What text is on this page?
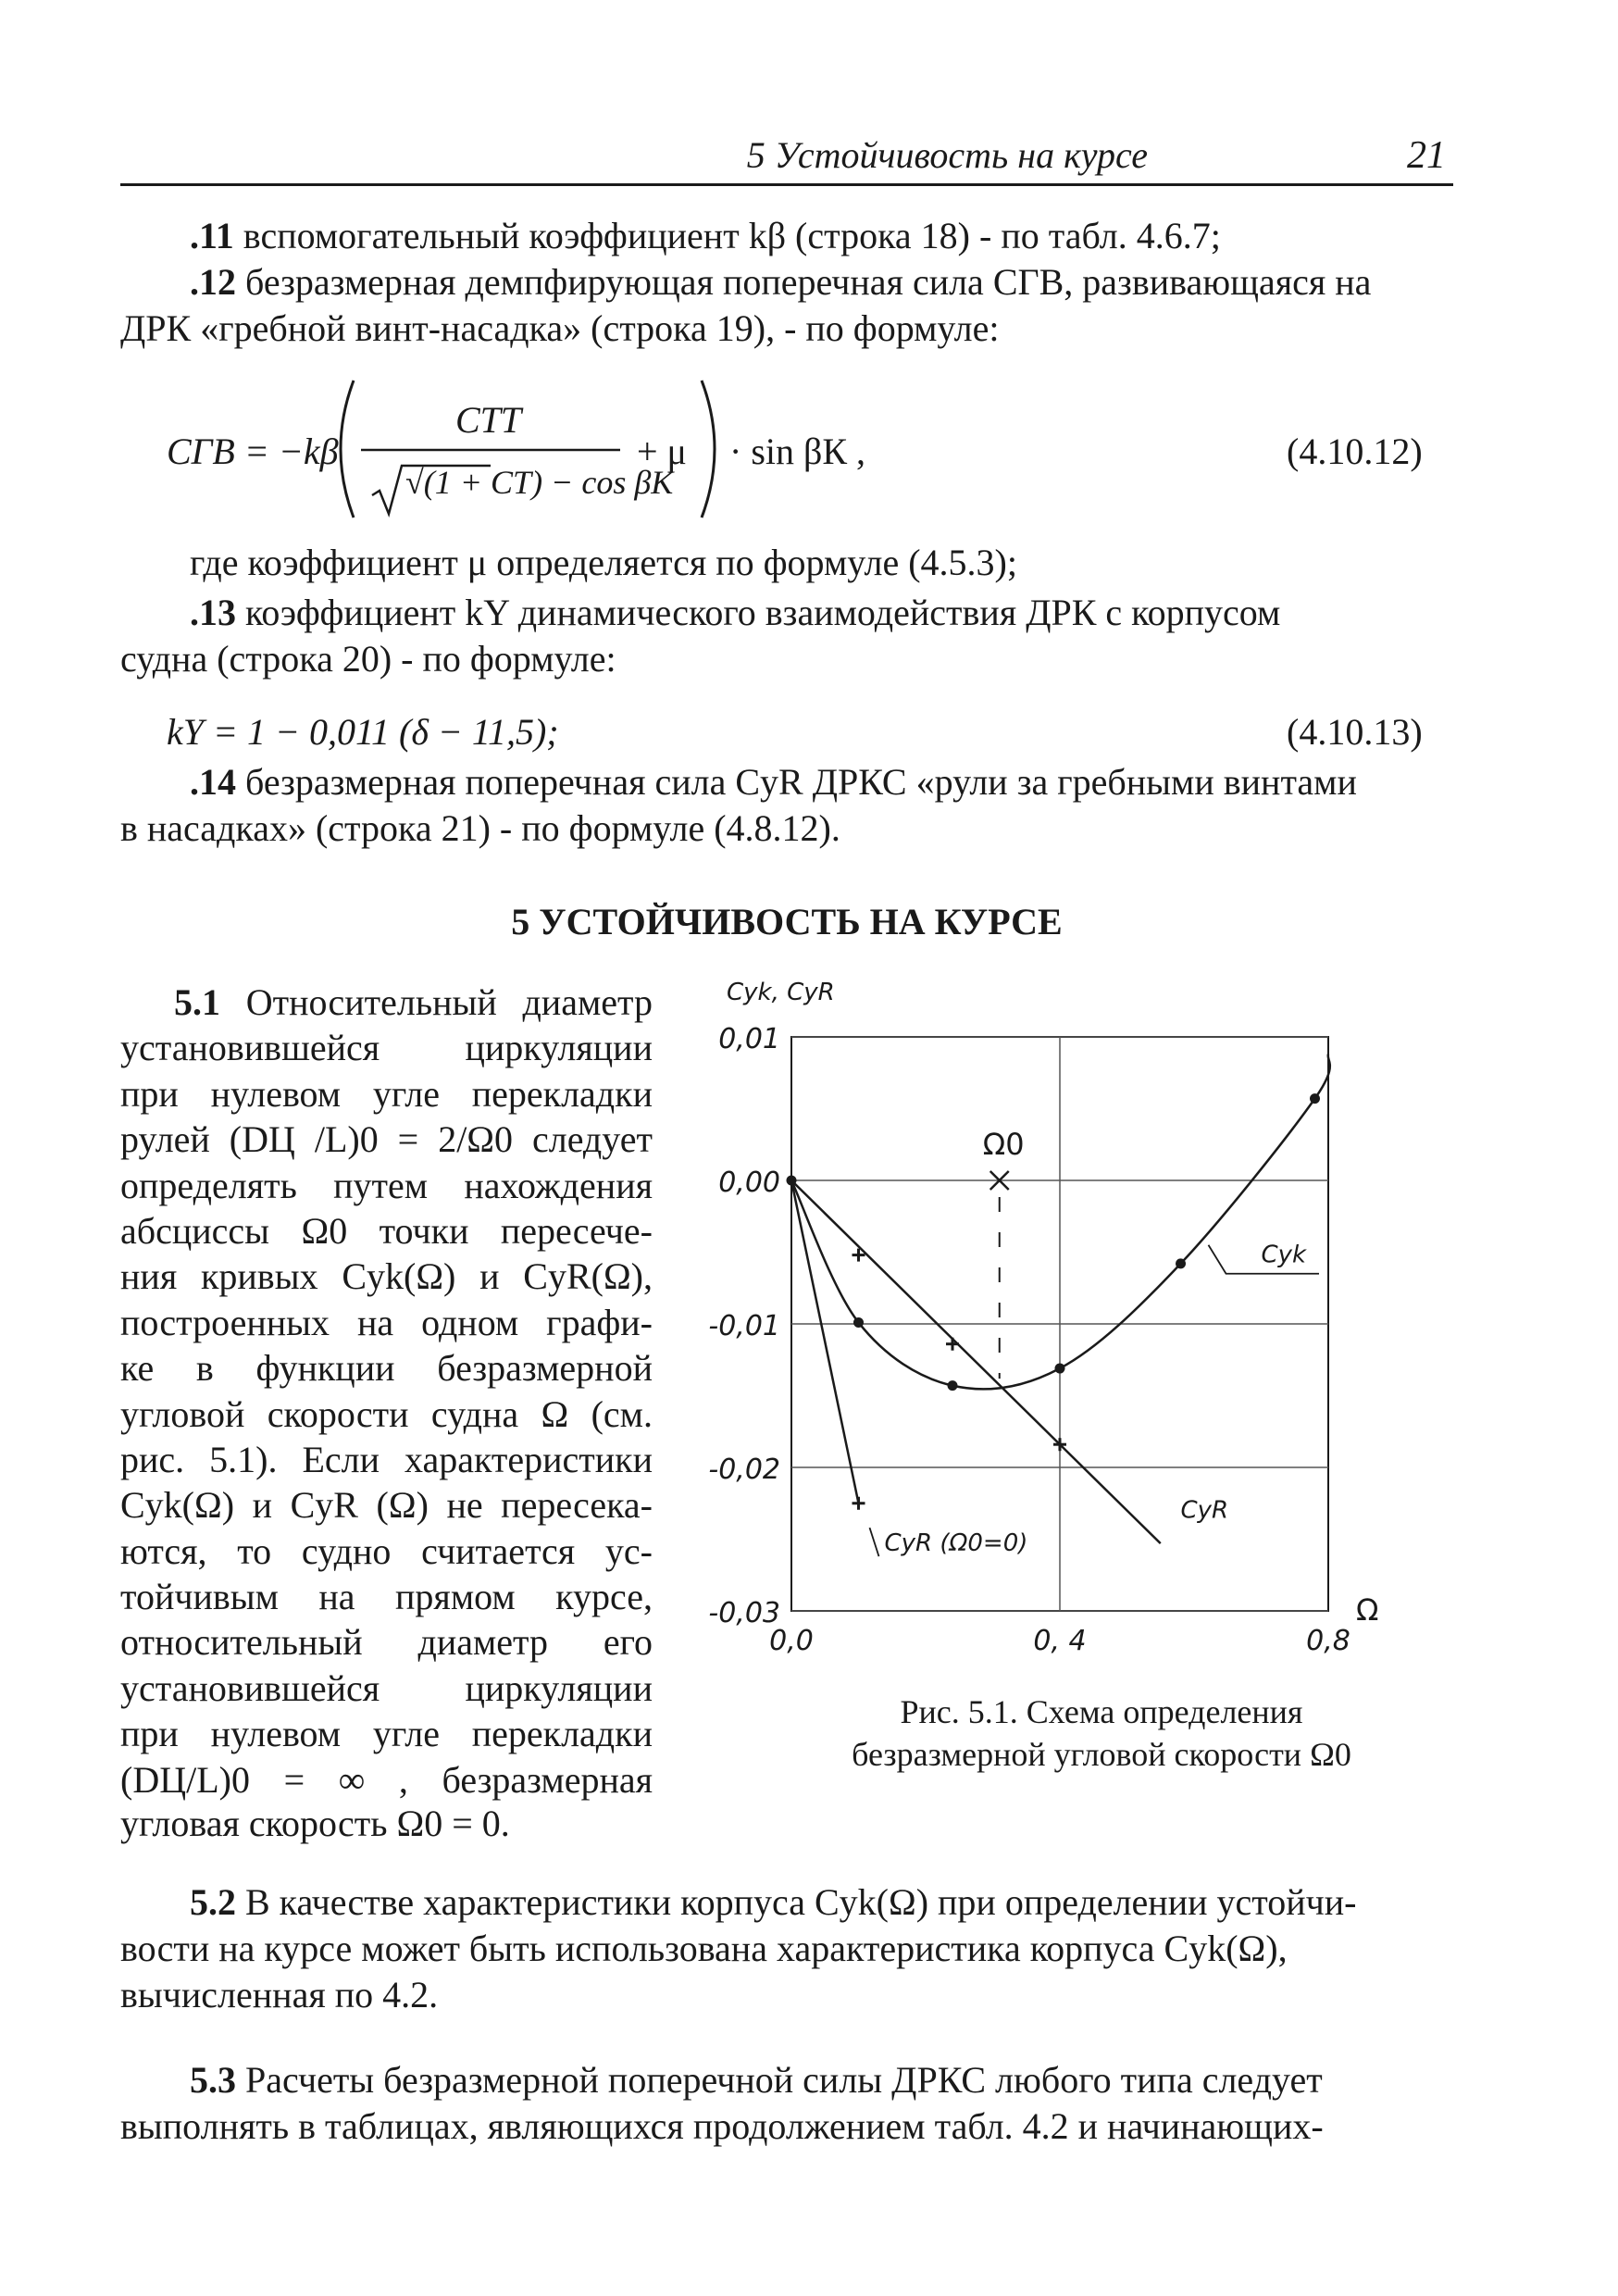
5 Устойчивость на курсе	21
.11 вспомогательный коэффициент kβ (строка 18) - по табл. 4.6.7;
.12 безразмерная демпфирующая поперечная сила CГВ, развивающаяся на
ДРК «гребной винт-насадка» (строка 19), - по формуле:
CГВ = −kβ
CТТ
√(1 + CТ) − cos βК
+ μ · sin βК ,	(4.10.12)
где коэффициент μ определяется по формуле (4.5.3);
.13 коэффициент kY динамического взаимодействия ДРК с корпусом
судна (строка 20) - по формуле:
kY = 1 − 0,011 (δ − 11,5);	(4.10.13)
.14 безразмерная поперечная сила CyR ДРКС «рули за гребными винтами
в насадках» (строка 21) - по формуле (4.8.12).
5 УСТОЙЧИВОСТЬ НА КУРСЕ
5.1 Относительный диаметр
установившейся циркуляции
при нулевом угле перекладки
рулей (DЦ /L)0 = 2/Ω0 следует
определять путем нахождения
абсциссы Ω0 точки пересече-
ния кривых Cyk(Ω) и CyR(Ω),
построенных на одном графи-
ке в функции безразмерной
угловой скорости судна Ω (см.
рис. 5.1). Если характеристики
Cyk(Ω) и CyR (Ω) не пересека-
ются, то судно считается ус-
тойчивым на прямом курсе,
относительный диаметр его
установившейся циркуляции
при нулевом угле перекладки
(DЦ/L)0 = ∞ , безразмерная
угловая скорость Ω0 = 0.
0,01
0,00
-0,01
-0,02
-0,03
0,0	0, 4	0,8
Cyk, CyR
Ω
Ω0
Cyk
CyR
CyR (Ω0=0)
Рис. 5.1. Схема определения
безразмерной угловой скорости Ω0
5.2 В качестве характеристики корпуса Cyk(Ω) при определении устойчи-
вости на курсе может быть использована характеристика корпуса Cyk(Ω),
вычисленная по 4.2.
5.3 Расчеты безразмерной поперечной силы ДРКС любого типа следует
выполнять в таблицах, являющихся продолжением табл. 4.2 и начинающих-
